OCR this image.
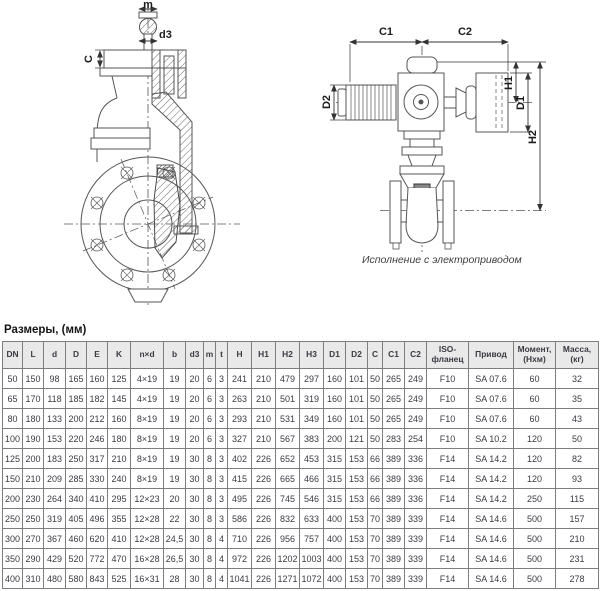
m
d3
C
C1	C2
D2
H1
D1
H2
Исполнение с электроприводом
Размеры, (мм)
DN	L	d	D	E	K	n×d	b	d3	m	t	H	H1	H2	H3	D1	D2	C	C1	C2	ISO-фланец	Привод	Момент, (Нхм)	Масса, (кг)
50	150	98	165	160	125	4×19	19	20	6	3	241	210	479	297	160	101	50	265	249	F10	SA 07.6	60	32
65	170	118	185	182	145	4×19	19	20	6	3	263	210	501	319	160	101	50	265	249	F10	SA 07.6	60	35
80	180	133	200	212	160	8×19	19	20	6	3	293	210	531	349	160	101	50	265	249	F10	SA 07.6	60	43
100	190	153	220	246	180	8×19	19	20	6	3	327	210	567	383	200	121	50	283	254	F10	SA 10.2	120	50
125	200	183	250	317	210	8×19	19	30	8	3	402	226	652	453	315	153	66	389	336	F14	SA 14.2	120	82
150	210	209	285	330	240	8×19	19	30	8	3	415	226	665	466	315	153	66	389	336	F14	SA 14.2	120	93
200	230	264	340	410	295	12×23	20	30	8	3	495	226	745	546	315	153	66	389	336	F14	SA 14.2	250	115
250	250	319	405	496	355	12×28	22	30	8	3	586	226	832	633	400	153	70	389	339	F14	SA 14.6	500	157
300	270	367	460	620	410	12×28	24,5	30	8	4	710	226	956	757	400	153	70	389	339	F14	SA 14.6	500	210
350	290	429	520	772	470	16×28	26,5	30	8	4	972	226	1202	1003	400	153	70	389	339	F14	SA 14.6	500	231
400	310	480	580	843	525	16×31	28	30	8	4	1041	226	1271	1072	400	153	70	389	339	F14	SA 14.6	500	278
